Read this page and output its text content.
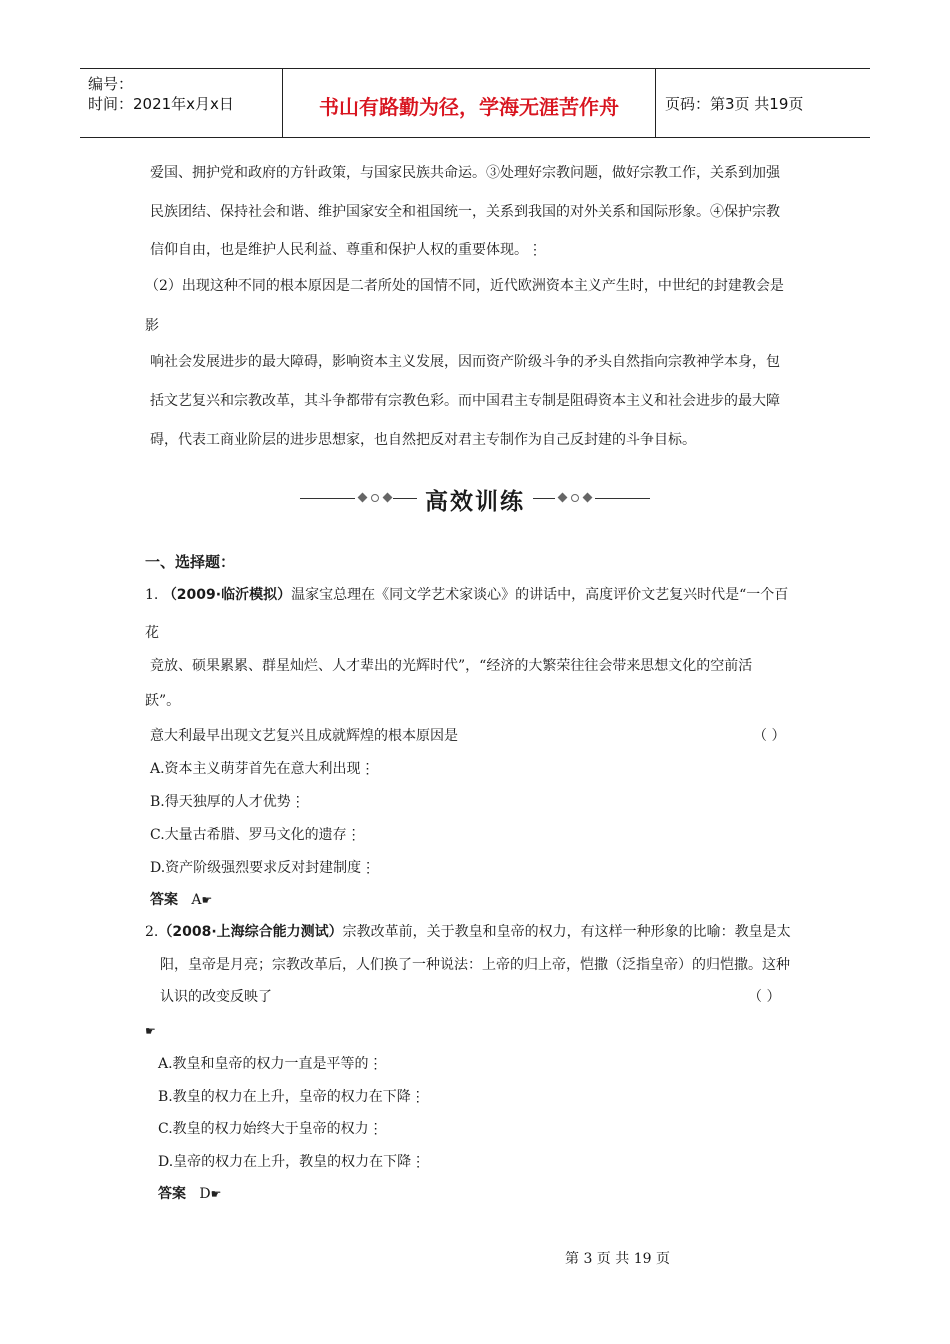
编号：
时间：2021年x月x日	书山有路勤为径，学海无涯苦作舟	页码：第3页 共19页
爱国、拥护党和政府的方针政策，与国家民族共命运。③处理好宗教问题，做好宗教工作，关系到加强
民族团结、保持社会和谐、维护国家安全和祖国统一，关系到我国的对外关系和国际形象。④保护宗教
信仰自由，也是维护人民利益、尊重和保护人权的重要体现。⋮
（2）出现这种不同的根本原因是二者所处的国情不同，近代欧洲资本主义产生时，中世纪的封建教会是
影
响社会发展进步的最大障碍，影响资本主义发展，因而资产阶级斗争的矛头自然指向宗教神学本身，包
括文艺复兴和宗教改革，其斗争都带有宗教色彩。而中国君主专制是阻碍资本主义和社会进步的最大障
碍，代表工商业阶层的进步思想家，也自然把反对君主专制作为自己反封建的斗争目标。
高效训练
一、选择题：
1. （2009·临沂模拟）温家宝总理在《同文学艺术家谈心》的讲话中，高度评价文艺复兴时代是“一个百
花
竞放、硕果累累、群星灿烂、人才辈出的光辉时代”，“经济的大繁荣往往会带来思想文化的空前活
跃”。
意大利最早出现文艺复兴且成就辉煌的根本原因是	（ ）
A.资本主义萌芽首先在意大利出现⋮
B.得天独厚的人才优势⋮
C.大量古希腊、罗马文化的遗存⋮
D.资产阶级强烈要求反对封建制度⋮
答案 A☛
2.（2008·上海综合能力测试）宗教改革前，关于教皇和皇帝的权力，有这样一种形象的比喻：教皇是太
阳，皇帝是月亮；宗教改革后，人们换了一种说法：上帝的归上帝，恺撒（泛指皇帝）的归恺撒。这种
认识的改变反映了	（ ）
☛
A.教皇和皇帝的权力一直是平等的⋮
B.教皇的权力在上升，皇帝的权力在下降⋮
C.教皇的权力始终大于皇帝的权力⋮
D.皇帝的权力在上升，教皇的权力在下降⋮
答案 D☛
第 3 页 共 19 页
